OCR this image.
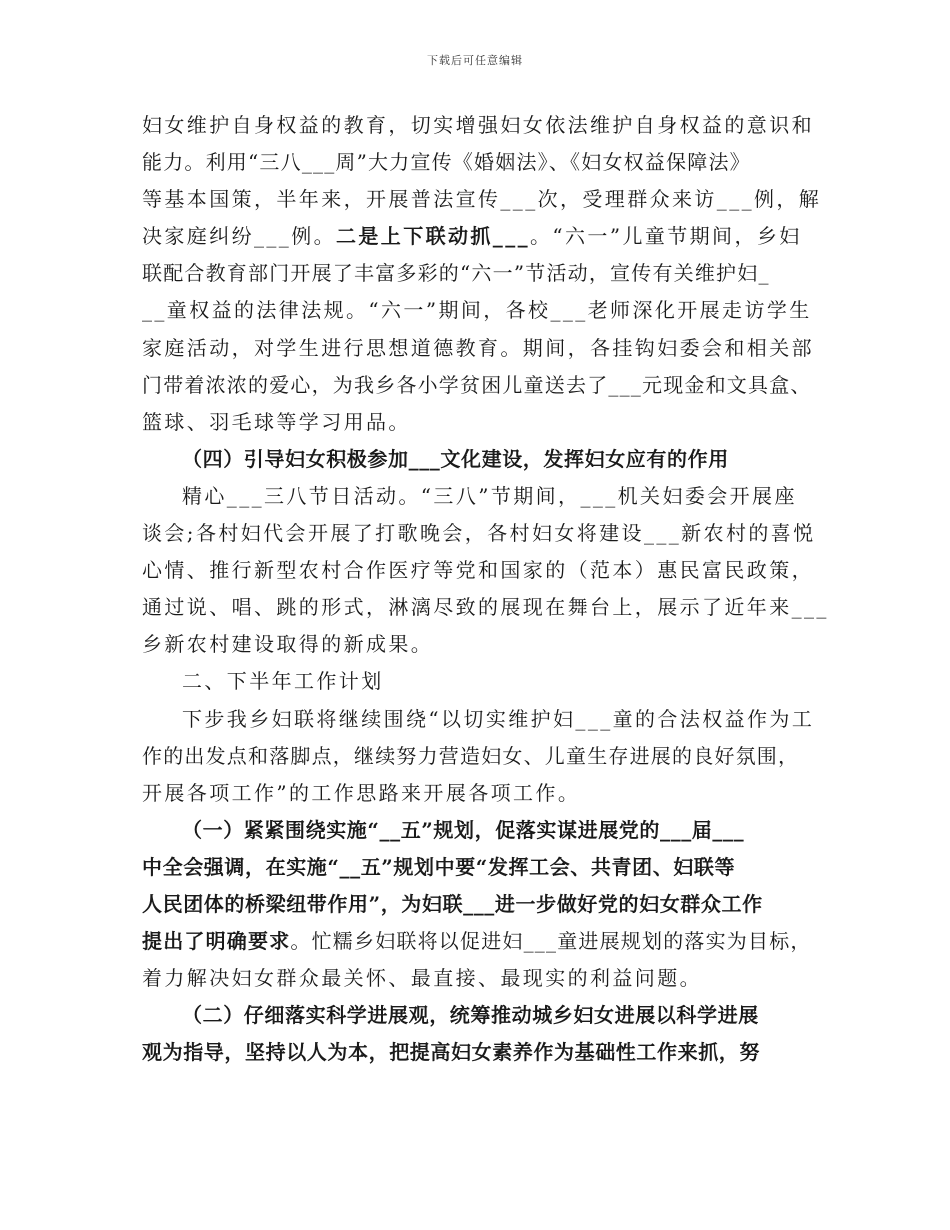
下载后可任意编辑
妇女维护自身权益的教育，切实增强妇女依法维护自身权益的意识和
能力。利用“三八___周”大力宣传《婚姻法》、《妇女权益保障法》
等基本国策，半年来，开展普法宣传___次，受理群众来访___例，解
决家庭纠纷___例。二是上下联动抓___。“六一”儿童节期间，乡妇
联配合教育部门开展了丰富多彩的“六一”节活动，宣传有关维护妇_
__童权益的法律法规。“六一”期间，各校___老师深化开展走访学生
家庭活动，对学生进行思想道德教育。期间，各挂钩妇委会和相关部
门带着浓浓的爱心，为我乡各小学贫困儿童送去了___元现金和文具盒、
篮球、羽毛球等学习用品。
（四）引导妇女积极参加___文化建设，发挥妇女应有的作用
精心___三八节日活动。“三八”节期间，___机关妇委会开展座
谈会;各村妇代会开展了打歌晚会，各村妇女将建设___新农村的喜悦
心情、推行新型农村合作医疗等党和国家的（范本）惠民富民政策，
通过说、唱、跳的形式，淋漓尽致的展现在舞台上，展示了近年来___
乡新农村建设取得的新成果。
二、下半年工作计划
下步我乡妇联将继续围绕“以切实维护妇___童的合法权益作为工
作的出发点和落脚点，继续努力营造妇女、儿童生存进展的良好氛围，
开展各项工作”的工作思路来开展各项工作。
（一）紧紧围绕实施“__五”规划，促落实谋进展党的___届___
中全会强调，在实施“__五”规划中要“发挥工会、共青团、妇联等
人民团体的桥梁纽带作用”，为妇联___进一步做好党的妇女群众工作
提出了明确要求。忙糯乡妇联将以促进妇___童进展规划的落实为目标，
着力解决妇女群众最关怀、最直接、最现实的利益问题。
（二）仔细落实科学进展观，统筹推动城乡妇女进展以科学进展
观为指导，坚持以人为本，把提高妇女素养作为基础性工作来抓，努
